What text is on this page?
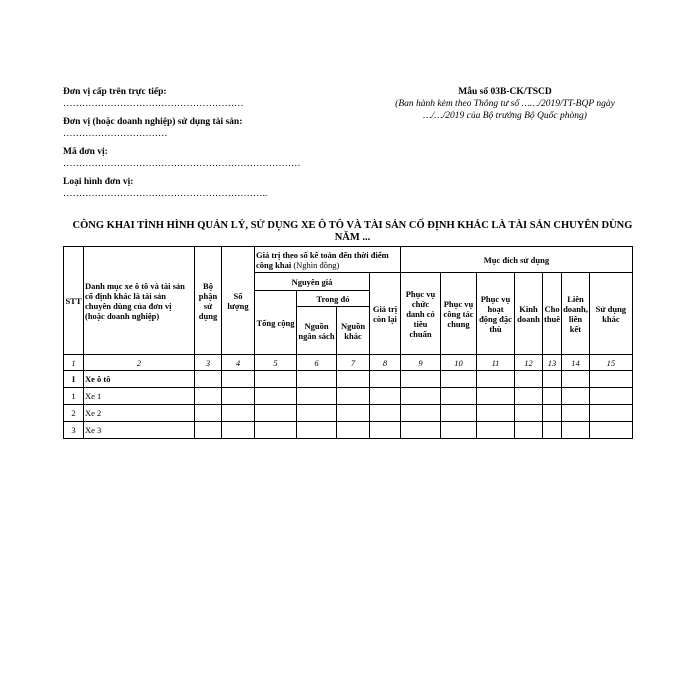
Đơn vị cấp trên trực tiếp:
…………………………………………………
Đơn vị (hoặc doanh nghiệp) sử dụng tài sản:
……………………………
Mã đơn vị:
…………………………………………………………………
Loại hình đơn vị:
………………………………………………………..
Mẫu số 03B-CK/TSCD
(Ban hành kèm theo Thông tư số ……/2019/TT-BQP ngày
…/…/2019 của Bộ trưởng Bộ Quốc phòng)
CÔNG KHAI TÌNH HÌNH QUẢN LÝ, SỬ DỤNG XE Ô TÔ VÀ TÀI SẢN CỐ ĐỊNH KHÁC LÀ TÀI SẢN CHUYÊN DÙNG NĂM ...
STT	Danh mục xe ô tô và tài sản cố định khác là tài sản chuyên dùng của đơn vị (hoặc doanh nghiệp)	Bộ phận sử dụng	Số lượng	Giá trị theo số kế toán đến thời điểm công khai (Nghìn đồng)				Mục đích sử dụng						
				Nguyên giá			Giá trị còn lại	Phục vụ chức danh có tiêu chuẩn	Phục vụ công tác chung	Phục vụ hoạt động đặc thù	Kinh doanh	Cho thuê	Liên doanh, liên kết	Sử dụng khác
				Tổng cộng	Trong đó									
					Nguồn ngân sách	Nguồn khác								
1	2	3	4	5	6	7	8	9	10	11	12	13	14	15
I	Xe ô tô													
1	Xe 1													
2	Xe 2													
3	Xe 3													
